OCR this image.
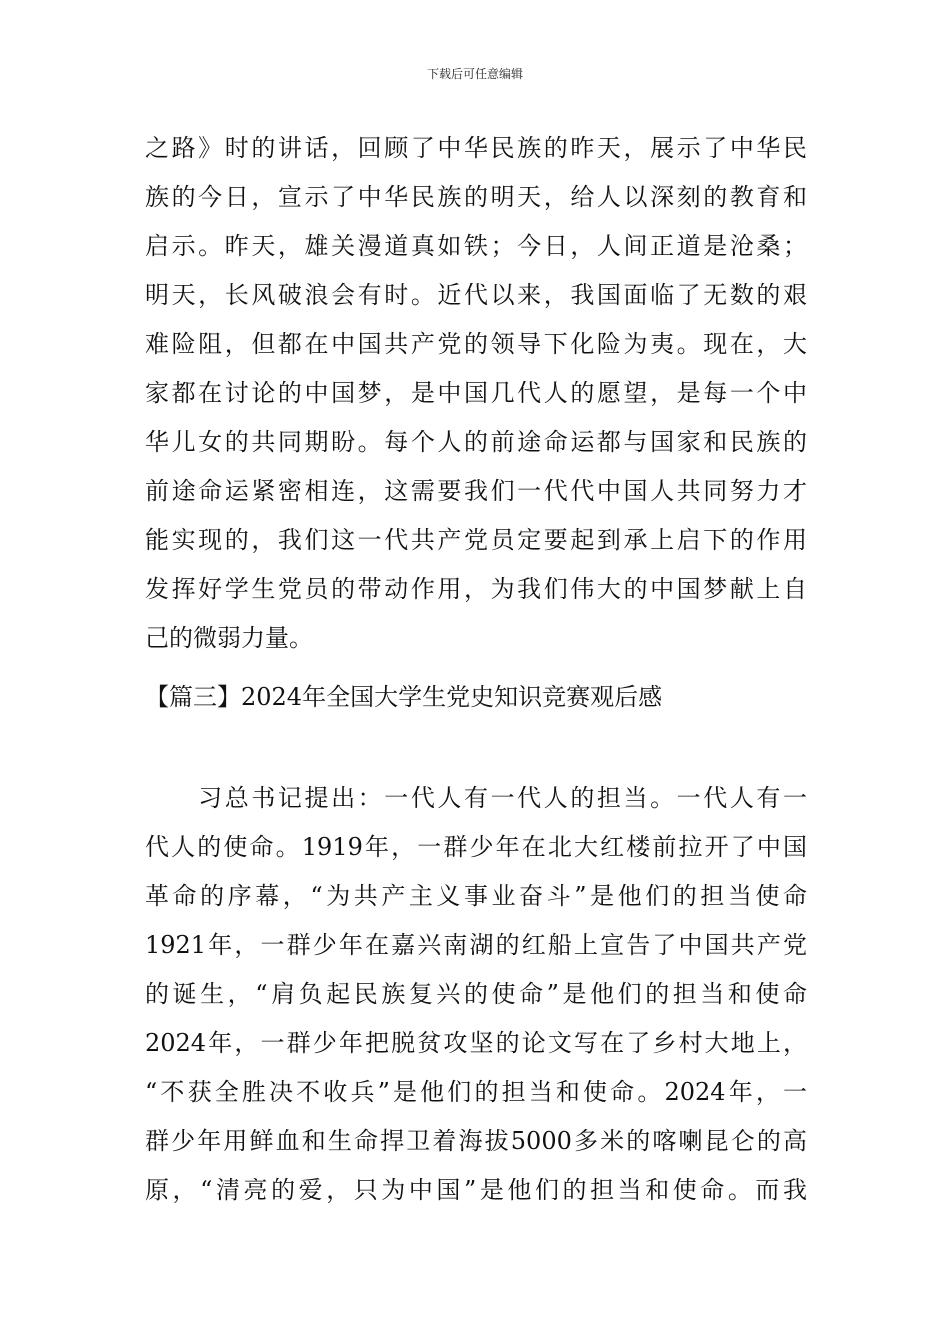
下载后可任意编辑
之路》时的讲话，回顾了中华民族的昨天，展示了中华民
族的今日，宣示了中华民族的明天，给人以深刻的教育和
启示。昨天，雄关漫道真如铁；今日，人间正道是沧桑；
明天，长风破浪会有时。近代以来，我国面临了无数的艰
难险阻，但都在中国共产党的领导下化险为夷。现在，大
家都在讨论的中国梦，是中国几代人的愿望，是每一个中
华儿女的共同期盼。每个人的前途命运都与国家和民族的
前途命运紧密相连，这需要我们一代代中国人共同努力才
能实现的，我们这一代共产党员定要起到承上启下的作用
发挥好学生党员的带动作用，为我们伟大的中国梦献上自
己的微弱力量。
【篇三】2024年全国大学生党史知识竞赛观后感
　　习总书记提出：一代人有一代人的担当。一代人有一
代人的使命。1919年，一群少年在北大红楼前拉开了中国
革命的序幕，“为共产主义事业奋斗”是他们的担当使命
1921年，一群少年在嘉兴南湖的红船上宣告了中国共产党
的诞生，“肩负起民族复兴的使命”是他们的担当和使命
2024年，一群少年把脱贫攻坚的论文写在了乡村大地上，
“不获全胜决不收兵”是他们的担当和使命。2024年，一
群少年用鲜血和生命捍卫着海拔5000多米的喀喇昆仑的高
原，“清亮的爱，只为中国”是他们的担当和使命。而我
